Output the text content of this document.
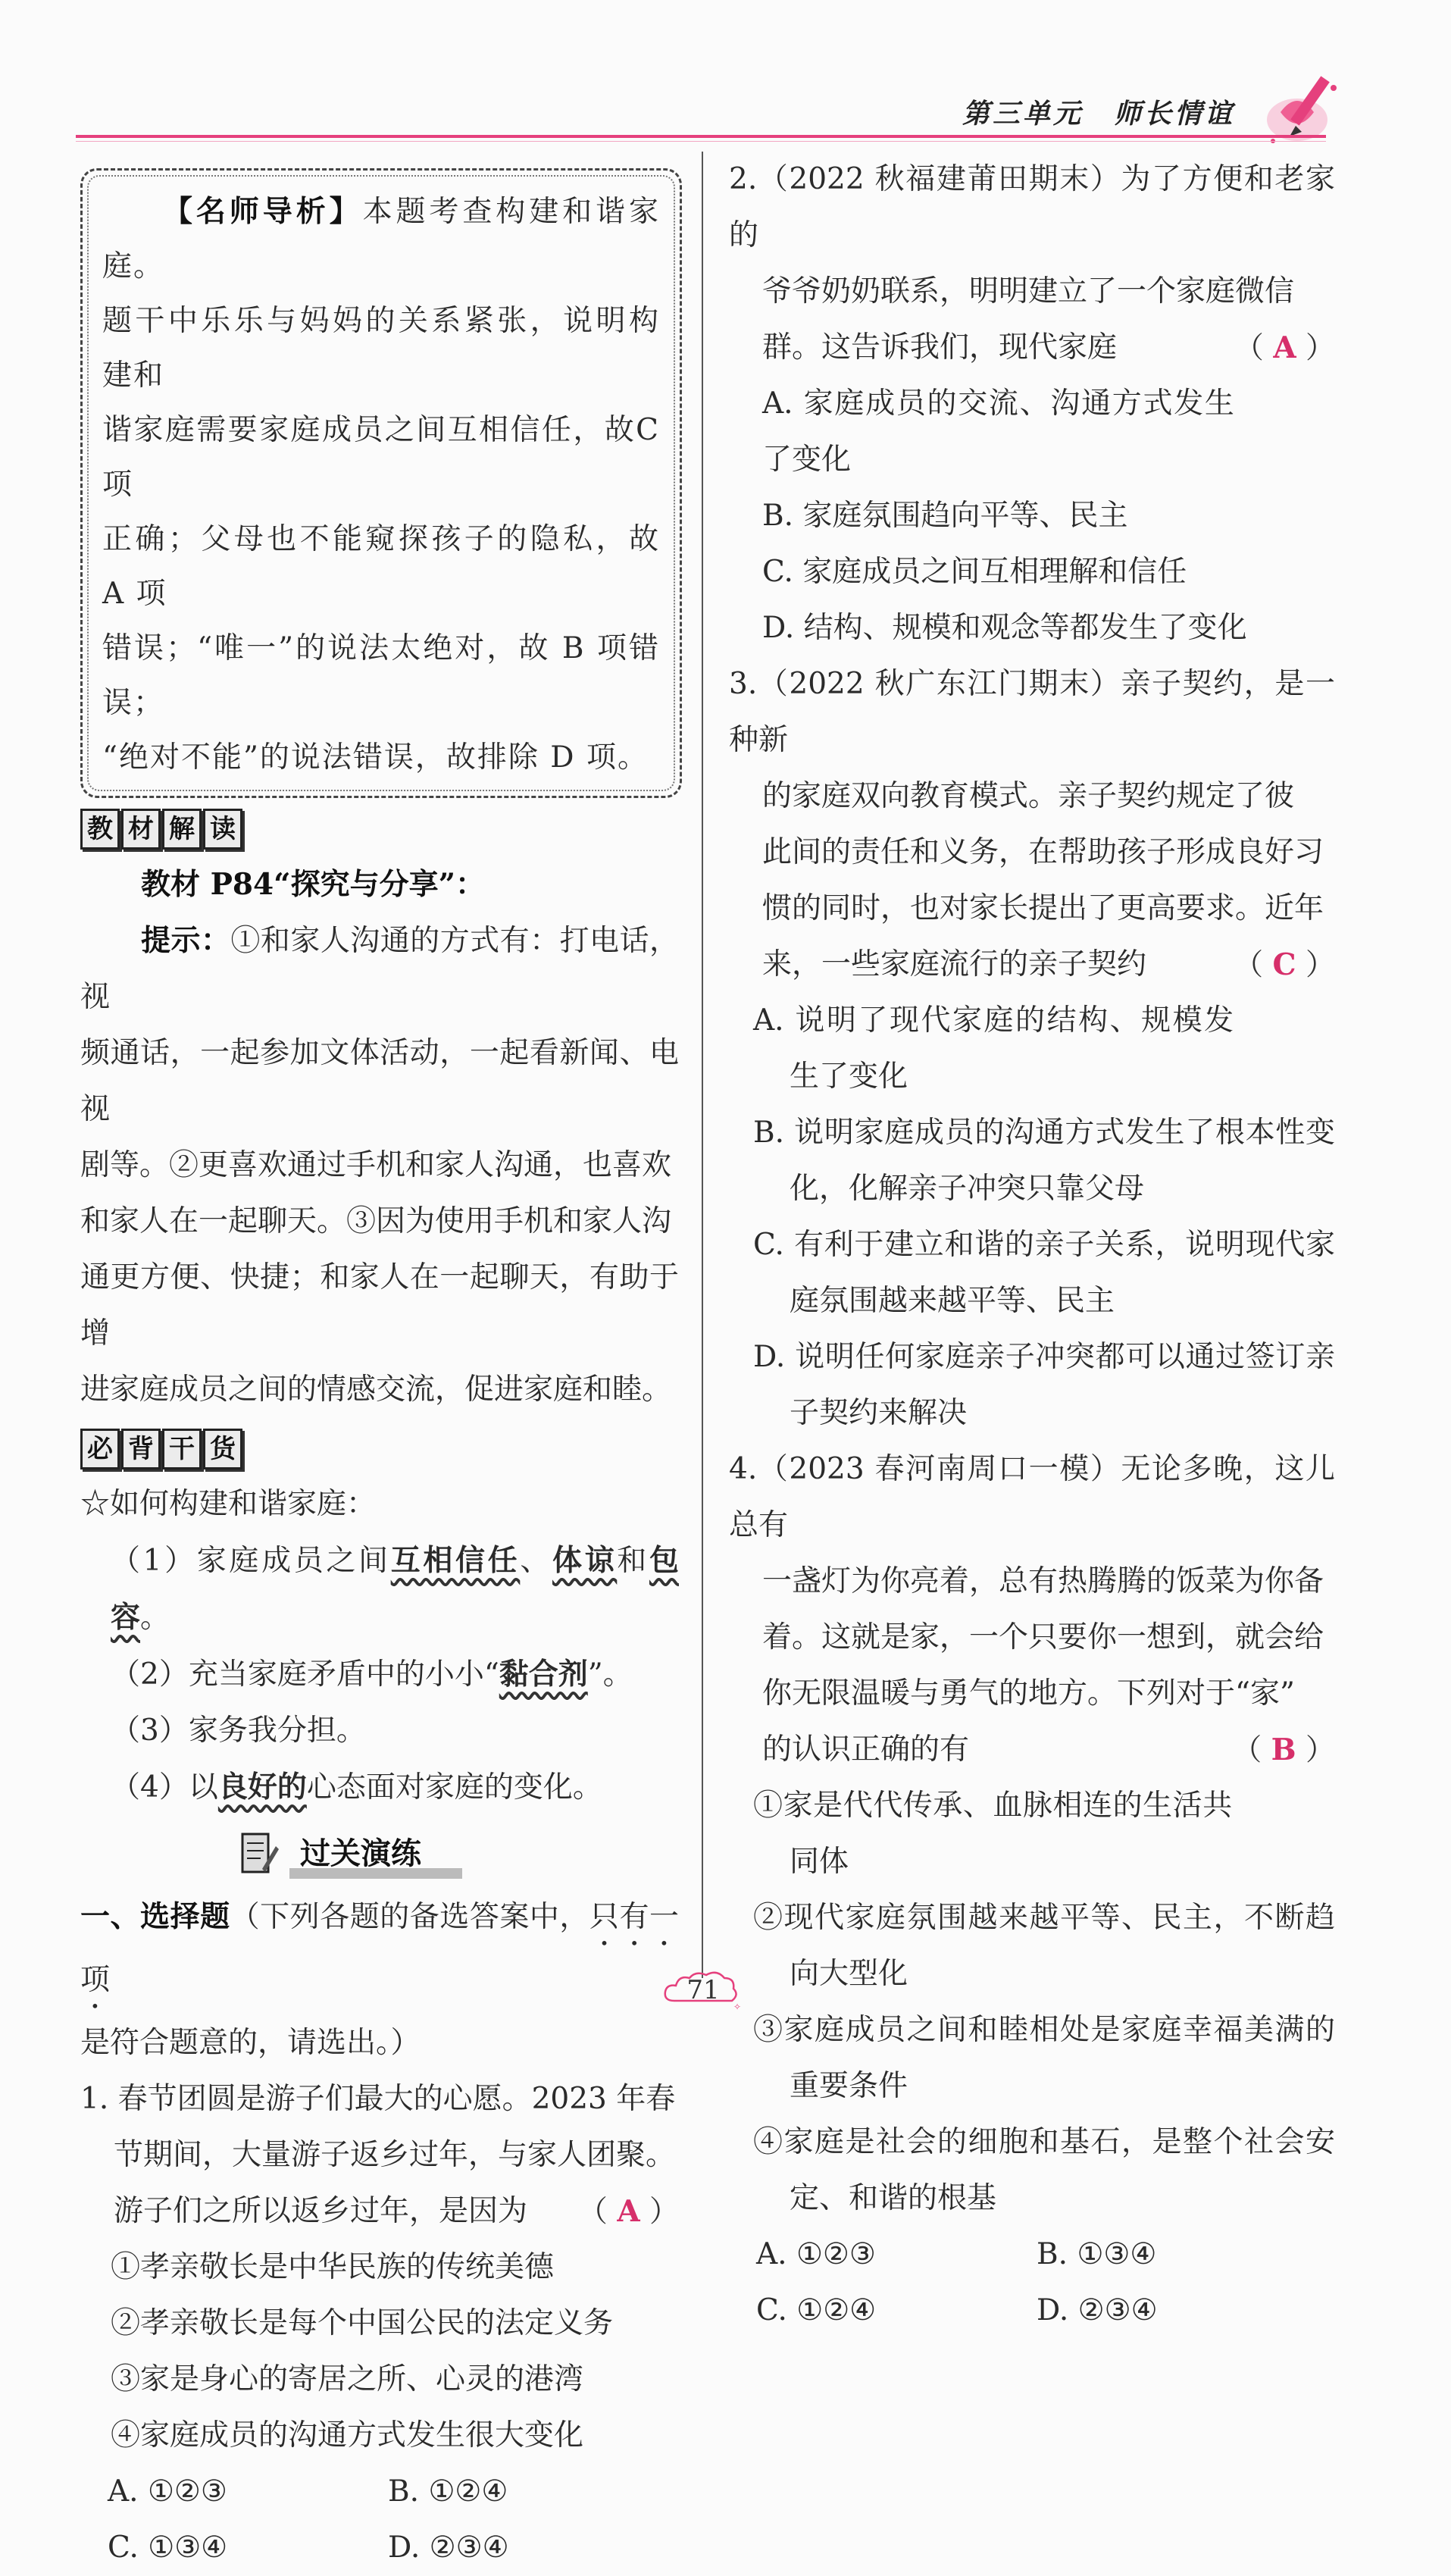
第三单元 师长情谊

【名师导析】本题考查构建和谐家庭。

题干中乐乐与妈妈的关系紧张，说明构建和

谐家庭需要家庭成员之间互相信任，故C项

正确；父母也不能窥探孩子的隐私，故 A 项

错误；“唯一”的说法太绝对，故 B 项错误；

“绝对不能”的说法错误，故排除 D 项。

教 材 解 读

教材 P84“探究与分享”：

提示：①和家人沟通的方式有：打电话，视

频通话，一起参加文体活动，一起看新闻、电视

剧等。②更喜欢通过手机和家人沟通，也喜欢

和家人在一起聊天。③因为使用手机和家人沟

通更方便、快捷；和家人在一起聊天，有助于增

进家庭成员之间的情感交流，促进家庭和睦。

必 背 干 货

☆如何构建和谐家庭：

（1）家庭成员之间互相信任、体谅和包容。

（2）充当家庭矛盾中的小小“黏合剂”。

（3）家务我分担。

（4）以良好的心态面对家庭的变化。

过关演练

一、选择题（下列各题的备选答案中，只有一项

是符合题意的，请选出。）

1. 春节团圆是游子们最大的心愿。2023 年春

节期间，大量游子返乡过年，与家人团聚。

游子们之所以返乡过年，是因为 （ A ）

①孝亲敬长是中华民族的传统美德

②孝亲敬长是每个中国公民的法定义务

③家是身心的寄居之所、心灵的港湾

④家庭成员的沟通方式发生很大变化

A. ①②③	B. ①②④
C. ①③④	D. ②③④

2.（2022 秋福建莆田期末）为了方便和老家的

爷爷奶奶联系，明明建立了一个家庭微信

群。这告诉我们，现代家庭	（ A ）

A. 家庭成员的交流、沟通方式发生了变化

B. 家庭氛围趋向平等、民主

C. 家庭成员之间互相理解和信任

D. 结构、规模和观念等都发生了变化

3.（2022 秋广东江门期末）亲子契约，是一种新

的家庭双向教育模式。亲子契约规定了彼

此间的责任和义务，在帮助孩子形成良好习

惯的同时，也对家长提出了更高要求。近年

来，一些家庭流行的亲子契约	（ C ）

A. 说明了现代家庭的结构、规模发生了变化

B. 说明家庭成员的沟通方式发生了根本性变化，化解亲子冲突只靠父母

C. 有利于建立和谐的亲子关系，说明现代家庭氛围越来越平等、民主

D. 说明任何家庭亲子冲突都可以通过签订亲子契约来解决

4.（2023 春河南周口一模）无论多晚，这儿总有

一盏灯为你亮着，总有热腾腾的饭菜为你备

着。这就是家，一个只要你一想到，就会给

你无限温暖与勇气的地方。下列对于“家”

的认识正确的有	（ B ）

①家是代代传承、血脉相连的生活共同体

②现代家庭氛围越来越平等、民主，不断趋向大型化

③家庭成员之间和睦相处是家庭幸福美满的重要条件

④家庭是社会的细胞和基石，是整个社会安定、和谐的根基

A. ①②③	B. ①③④
C. ①②④	D. ②③④
✧
71
